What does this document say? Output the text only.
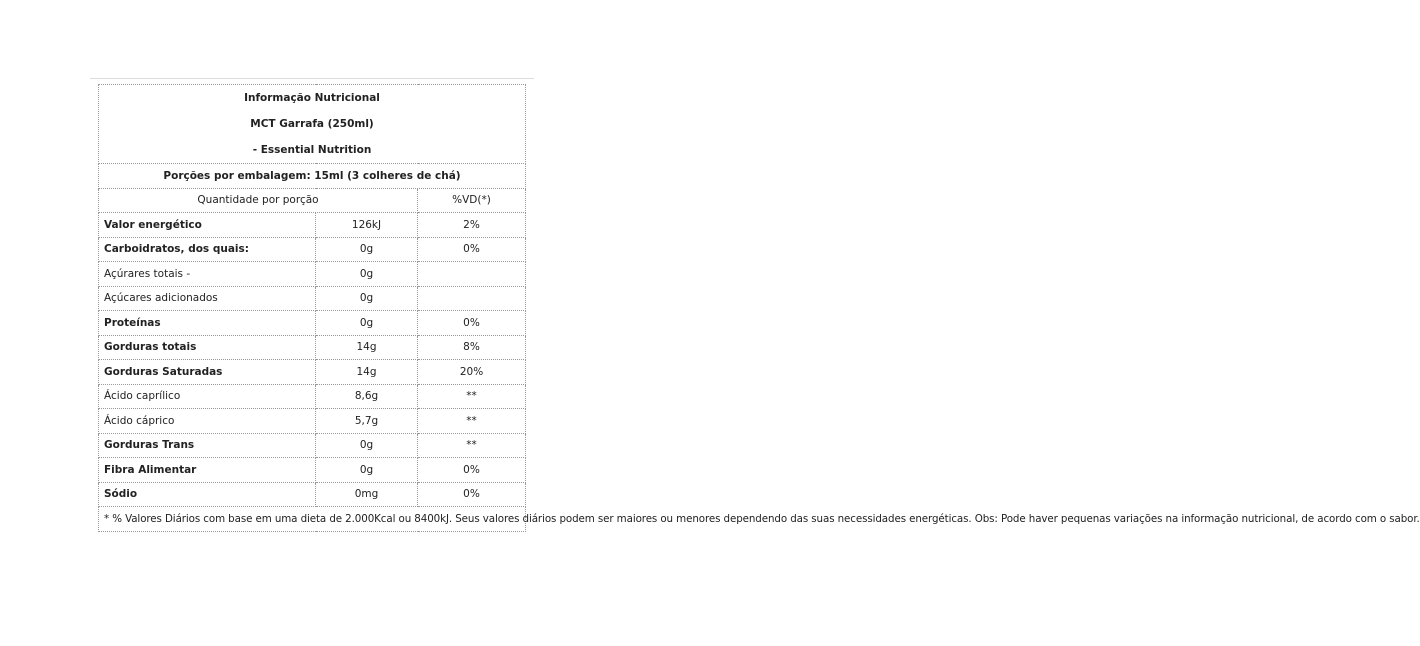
Informação Nutricional
MCT Garrafa (250ml)
- Essential Nutrition		

Porções por embalagem: 15ml (3 colheres de chá)		
Quantidade por porção		%VD(*)
Valor energético	126kJ	2%
Carboidratos, dos quais:	0g	0%
Açúrares totais -	0g	
Açúcares adicionados	0g	
Proteínas	0g	0%
Gorduras totais	14g	8%
Gorduras Saturadas	14g	20%
Ácido caprílico	8,6g	**
Ácido cáprico	5,7g	**
Gorduras Trans	0g	**
Fibra Alimentar	0g	0%
Sódio	0mg	0%
* % Valores Diários com base em uma dieta de 2.000Kcal ou 8400kJ. Seus valores diários podem ser maiores ou menores dependendo das suas necessidades energéticas. Obs: Pode haver pequenas variações na informação nutricional, de acordo com o sabor.		
